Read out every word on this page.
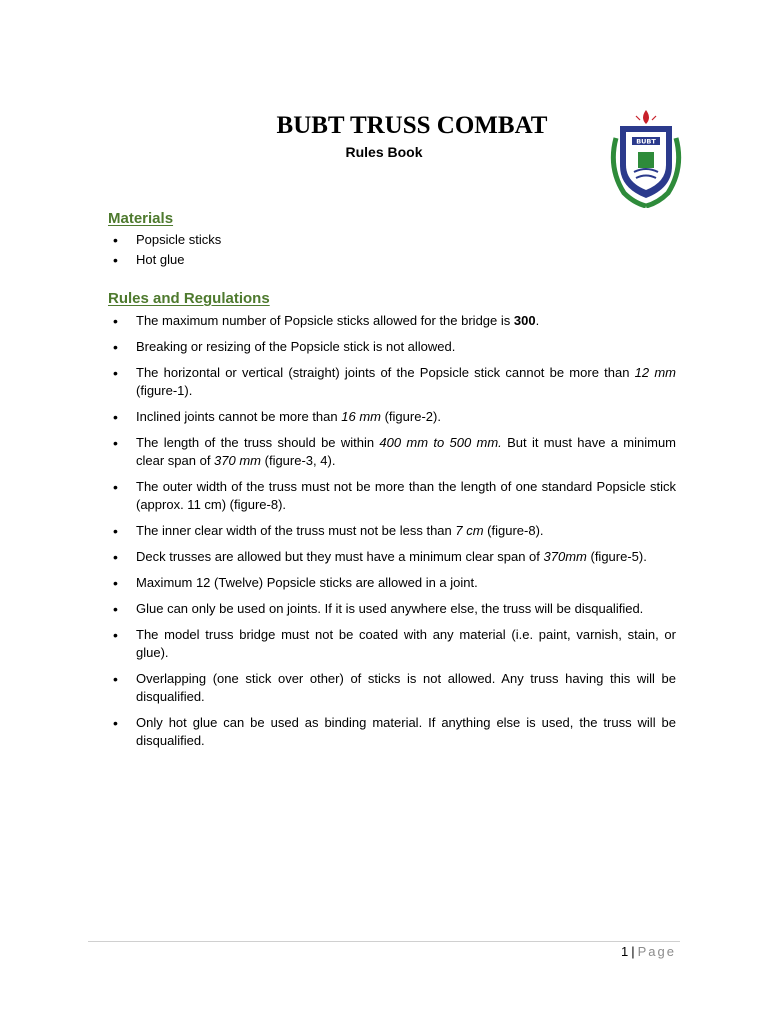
BUBT TRUSS COMBAT
Rules Book
BUBT
Materials
• Popsicle sticks
• Hot glue
Rules and Regulations
• The maximum number of Popsicle sticks allowed for the bridge is 300.
• Breaking or resizing of the Popsicle stick is not allowed.
• The horizontal or vertical (straight) joints of the Popsicle stick cannot be more than 12 mm (figure-1).
• Inclined joints cannot be more than 16 mm (figure-2).
• The length of the truss should be within 400 mm to 500 mm. But it must have a minimum clear span of 370 mm (figure-3, 4).
• The outer width of the truss must not be more than the length of one standard Popsicle stick (approx. 11 cm) (figure-8).
• The inner clear width of the truss must not be less than 7 cm (figure-8).
• Deck trusses are allowed but they must have a minimum clear span of 370mm (figure-5).
• Maximum 12 (Twelve) Popsicle sticks are allowed in a joint.
• Glue can only be used on joints. If it is used anywhere else, the truss will be disqualified.
• The model truss bridge must not be coated with any material (i.e. paint, varnish, stain, or glue).
• Overlapping (one stick over other) of sticks is not allowed. Any truss having this will be disqualified.
• Only hot glue can be used as binding material. If anything else is used, the truss will be disqualified.
1 | Page
